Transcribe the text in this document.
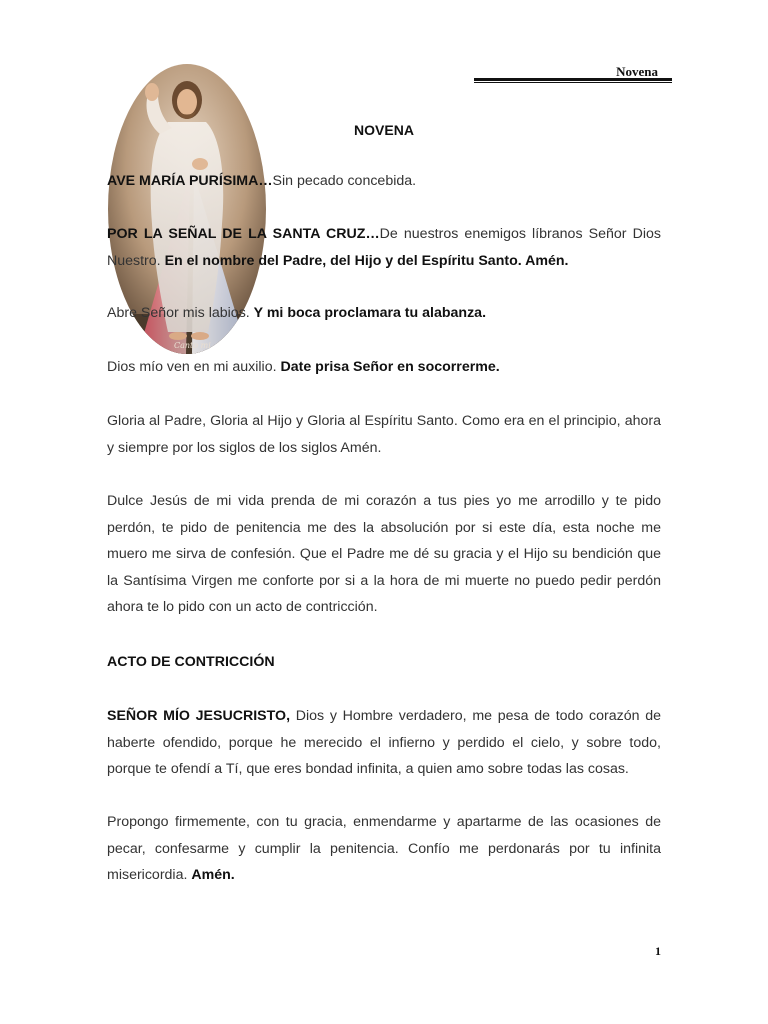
Novena
Canto mi...
NOVENA

AVE MARÍA PURÍSIMA…Sin pecado concebida.

POR LA SEÑAL DE LA SANTA CRUZ…De nuestros enemigos líbranos Señor Dios Nuestro. En el nombre del Padre, del Hijo y del Espíritu Santo. Amén.

Abre Señor mis labios. Y mi boca proclamara tu alabanza.

Dios mío ven en mi auxilio. Date prisa Señor en socorrerme.

Gloria al Padre, Gloria al Hijo y Gloria al Espíritu Santo. Como era en el principio, ahora y siempre por los siglos de los siglos Amén.

Dulce Jesús de mi vida prenda de mi corazón a tus pies yo me arrodillo y te pido perdón, te pido de penitencia me des la absolución por si este día, esta noche me muero me sirva de confesión. Que el Padre me dé su gracia y el Hijo su bendición que la Santísima Virgen me conforte por si a la hora de mi muerte no puedo pedir perdón ahora te lo pido con un acto de contricción.

ACTO DE CONTRICCIÓN

SEÑOR MÍO JESUCRISTO, Dios y Hombre verdadero, me pesa de todo corazón de haberte ofendido, porque he merecido el infierno y perdido el cielo, y sobre todo, porque te ofendí a Tí, que eres bondad infinita, a quien amo sobre todas las cosas.

Propongo firmemente, con tu gracia, enmendarme y apartarme de las ocasiones de pecar, confesarme y cumplir la penitencia. Confío me perdonarás por tu infinita misericordia. Amén.

1
